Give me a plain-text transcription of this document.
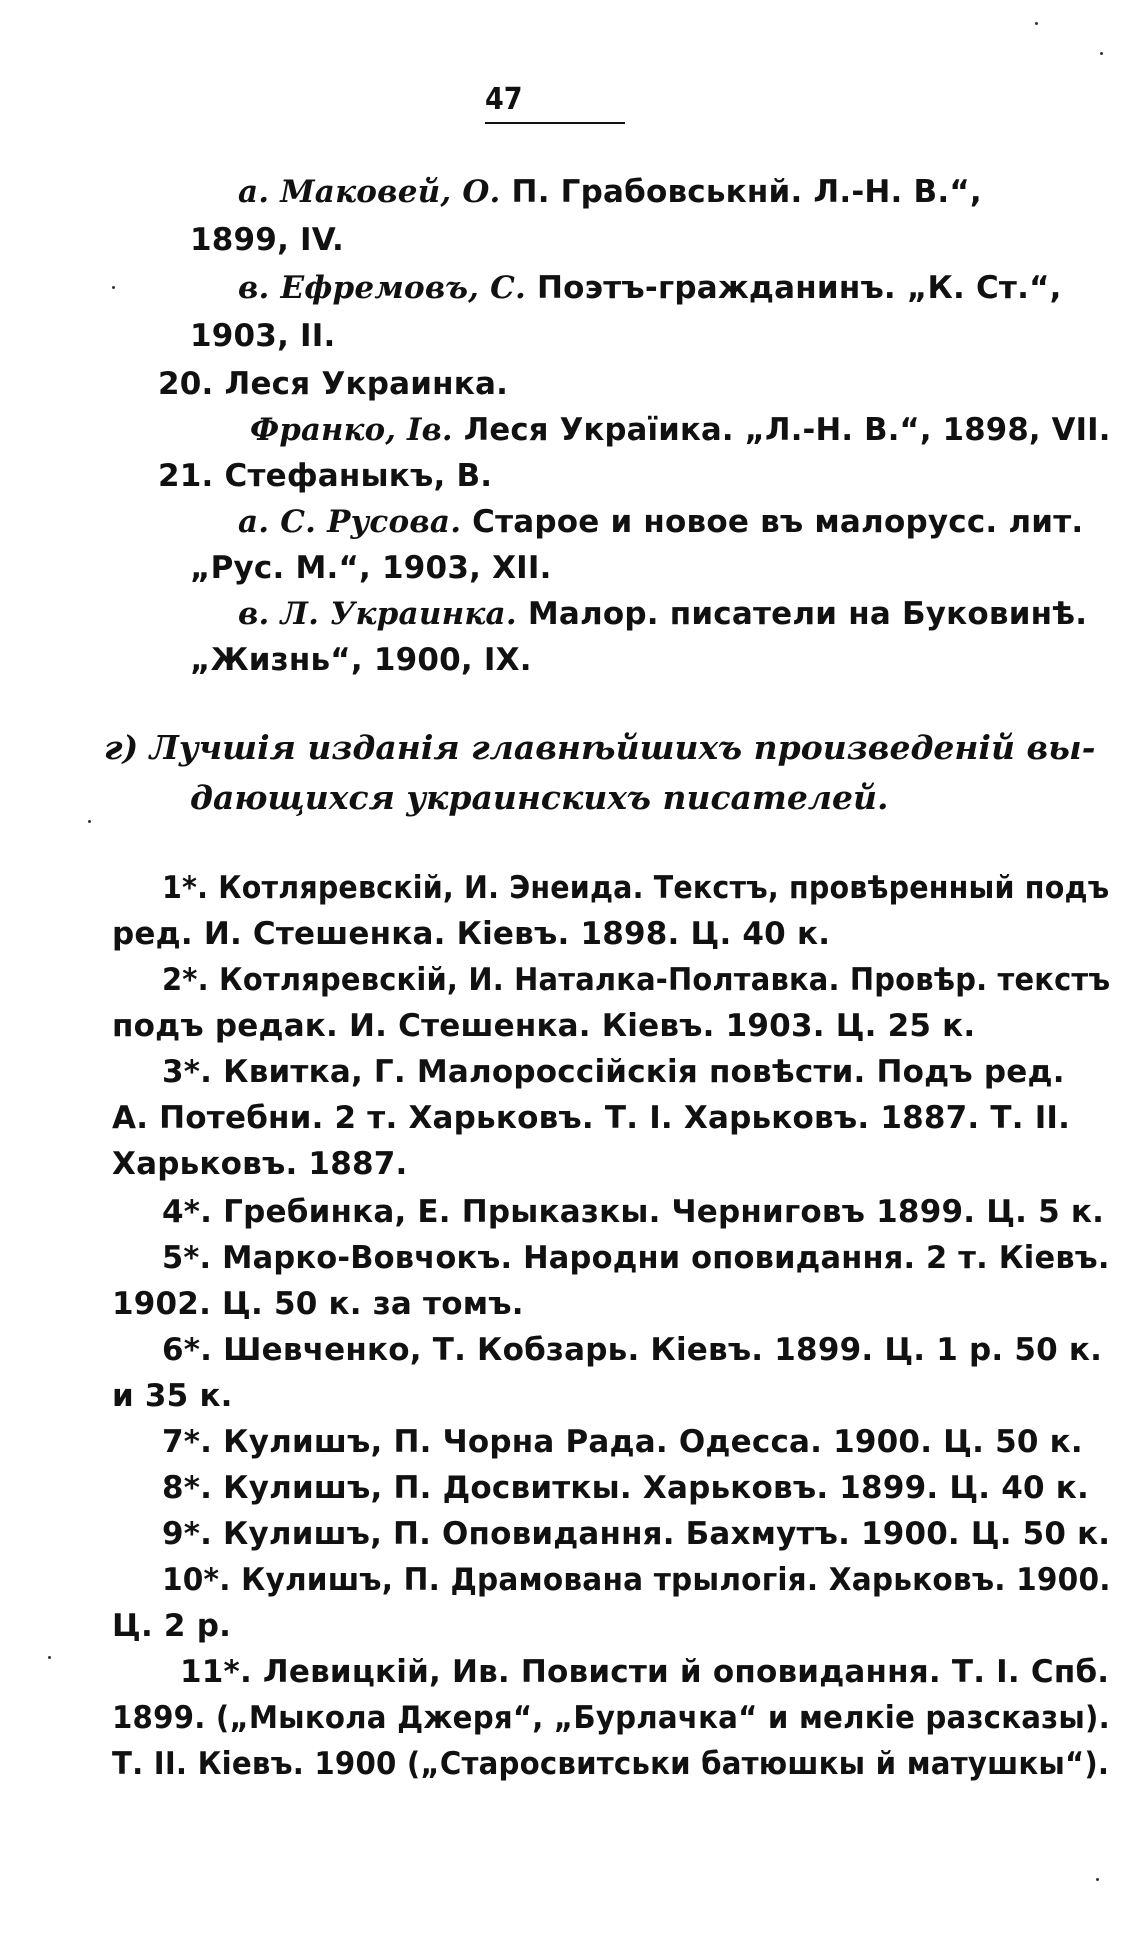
47
а. Маковей, О. П. Грабовськнй. Л.-Н. В.“,
1899, IV.
в. Ефремовъ, С. Поэтъ-гражданинъ. „К. Ст.“,
1903, II.
20. Леся Украинка.
Франко, Ів. Леся Україика. „Л.-Н. В.“, 1898, VII.
21. Стефаныкъ, В.
а. С. Русова. Старое и новое въ малорусс. лит.
„Рус. М.“, 1903, XII.
в. Л. Украинка. Малор. писатели на Буковинѣ.
„Жизнь“, 1900, IX.
г) Лучшія изданія главнѣйшихъ произведеній вы-
дающихся украинскихъ писателей.
1*. Котляревскій, И. Энеида. Текстъ, провѣренный подъ
ред. И. Стешенка. Кіевъ. 1898. Ц. 40 к.
2*. Котляревскій, И. Наталка-Полтавка. Провѣр. текстъ
подъ редак. И. Стешенка. Кіевъ. 1903. Ц. 25 к.
3*. Квитка, Г. Малороссійскія повѣсти. Подъ ред.
А. Потебни. 2 т. Харьковъ. Т. I. Харьковъ. 1887. Т. II.
Харьковъ. 1887.
4*. Гребинка, Е. Прыказкы. Черниговъ 1899. Ц. 5 к.
5*. Марко-Вовчокъ. Народни оповидання. 2 т. Кіевъ.
1902. Ц. 50 к. за томъ.
6*. Шевченко, Т. Кобзарь. Кіевъ. 1899. Ц. 1 р. 50 к.
и 35 к.
7*. Кулишъ, П. Чорна Рада. Одесса. 1900. Ц. 50 к.
8*. Кулишъ, П. Досвиткы. Харьковъ. 1899. Ц. 40 к.
9*. Кулишъ, П. Оповидання. Бахмутъ. 1900. Ц. 50 к.
10*. Кулишъ, П. Драмована трылогія. Харьковъ. 1900.
Ц. 2 р.
11*. Левицкій, Ив. Повисти й оповидання. Т. I. Спб.
1899. („Мыкола Джеря“, „Бурлачка“ и мелкіе разсказы).
Т. II. Кіевъ. 1900 („Старосвитськи батюшкы й матушкы“).
